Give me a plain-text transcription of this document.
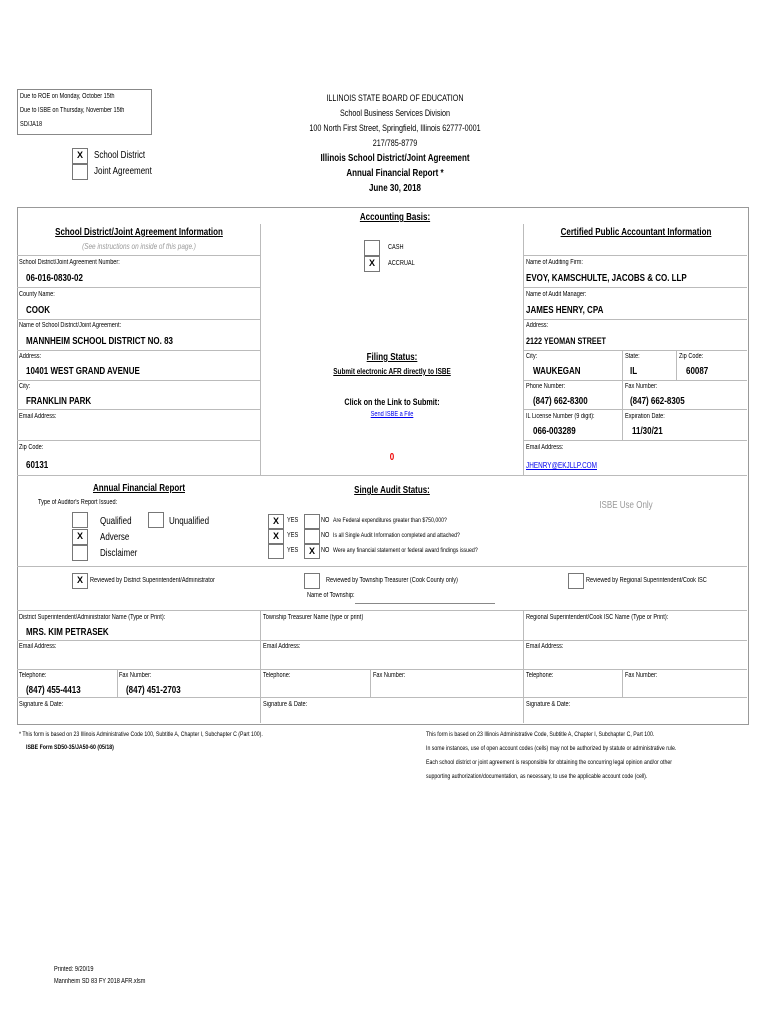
Due to ROE on Monday, October 15th
Due to ISBE on Thursday, November 15th
SD/JA18
ILLINOIS STATE BOARD OF EDUCATION
School Business Services Division
100 North First Street, Springfield, Illinois 62777-0001
217/785-8779
Illinois School District/Joint Agreement
Annual Financial Report *
June 30, 2018
X	School District
Joint Agreement
Accounting Basis:
CASH
X	ACCRUAL
School District/Joint Agreement Information
(See instructions on inside of this page.)
School District/Joint Agreement Number:
06-016-0830-02
County Name:
COOK
Name of School District/Joint Agreement:
MANNHEIM SCHOOL DISTRICT NO. 83
Address:
10401 WEST GRAND AVENUE
City:
FRANKLIN PARK
Email Address:
Zip Code:
60131
Filing Status:
Submit electronic AFR directly to ISBE
Click on the Link to Submit:
Send ISBE a File
0
Certified Public Accountant Information
Name of Auditing Firm:
EVOY, KAMSCHULTE, JACOBS & CO. LLP
Name of Audit Manager:
JAMES HENRY, CPA
Address:
2122 YEOMAN STREET
City:
WAUKEGAN
State:
IL
Zip Code:
60087
Phone Number:
(847) 662-8300
Fax Number:
(847) 662-8305
IL License Number (9 digit):
066-003289
Expiration Date:
11/30/21
Email Address:
JHENRY@EKJLLP.COM
Annual Financial Report
Type of Auditor's Report Issued:
Qualified	Unqualified
X	Adverse
Disclaimer
Single Audit Status:
X	YES	NO Are Federal expenditures greater than $750,000?
X	YES	NO Is all Single Audit Information completed and attached?
YES	X NO Were any financial statement or federal award findings issued?
ISBE Use Only
X	Reviewed by District Superintendent/Administrator	Reviewed by Township Treasurer (Cook County only)
Name of Township:
Reviewed by Regional Superintendent/Cook ISC
District Superintendent/Administrator Name (Type or Print):
MRS. KIM PETRASEK
Township Treasurer Name (type or print)	Regional Superintendent/Cook ISC Name (Type or Print):
Email Address:	Email Address:	Email Address:
Telephone:
(847) 455-4413
Fax Number:
(847) 451-2703
Telephone:	Fax Number:	Telephone:	Fax Number:
Signature & Date:	Signature & Date:	Signature & Date:
* This form is based on 23 Illinois Administrative Code 100, Subtitle A, Chapter I, Subchapter C (Part 100).
ISBE Form SD50-35/JA50-60 (05/18)
This form is based on 23 Illinois Administrative Code, Subtitle A, Chapter I, Subchapter C, Part 100.
In some instances, use of open account codes (cells) may not be authorized by statute or administrative rule.
Each school district or joint agreement is responsible for obtaining the concurring legal opinion and/or other
supporting authorization/documentation, as necessary, to use the applicable account code (cell).
Printed: 9/20/19
Mannheim SD 83 FY 2018 AFR.xlsm
